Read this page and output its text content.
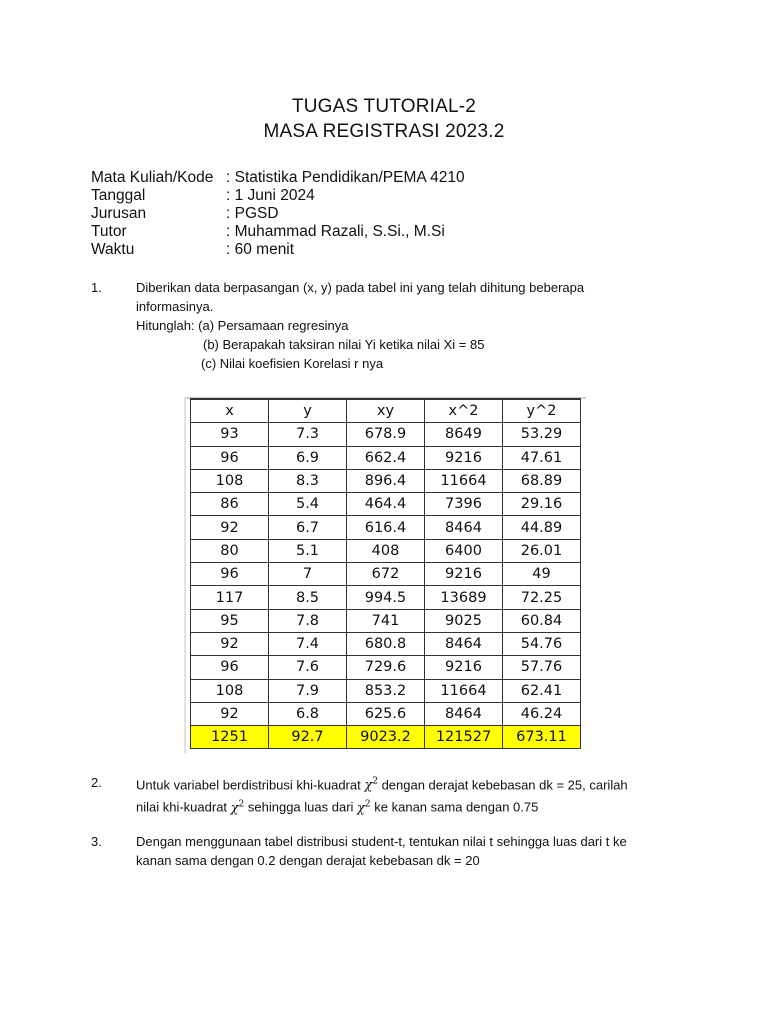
TUGAS TUTORIAL-2
MASA REGISTRASI 2023.2
Mata Kuliah/Kode : Statistika Pendidikan/PEMA 4210
Tanggal	: 1 Juni 2024
Jurusan	: PGSD
Tutor	: Muhammad Razali, S.Si., M.Si
Waktu	: 60 menit
1.	Diberikan data berpasangan (x, y) pada tabel ini yang telah dihitung beberapa
informasinya.
Hitunglah: (a) Persamaan regresinya
(b) Berapakah taksiran nilai Yi ketika nilai Xi = 85
(c) Nilai koefisien Korelasi r nya
x	y	xy	x^2	y^2
93	7.3	678.9	8649	53.29
96	6.9	662.4	9216	47.61
108	8.3	896.4	11664	68.89
86	5.4	464.4	7396	29.16
92	6.7	616.4	8464	44.89
80	5.1	408	6400	26.01
96	7	672	9216	49
117	8.5	994.5	13689	72.25
95	7.8	741	9025	60.84
92	7.4	680.8	8464	54.76
96	7.6	729.6	9216	57.76
108	7.9	853.2	11664	62.41
92	6.8	625.6	8464	46.24
1251	92.7	9023.2	121527	673.11
2.	Untuk variabel berdistribusi khi-kuadrat $\chi^2$ dengan derajat kebebasan dk = 25, carilah
nilai khi-kuadrat $\chi^2$ sehingga luas dari $\chi^2$ ke kanan sama dengan 0.75
3.	Dengan menggunaan tabel distribusi student-t, tentukan nilai t sehingga luas dari t ke
kanan sama dengan 0.2 dengan derajat kebebasan dk = 20
